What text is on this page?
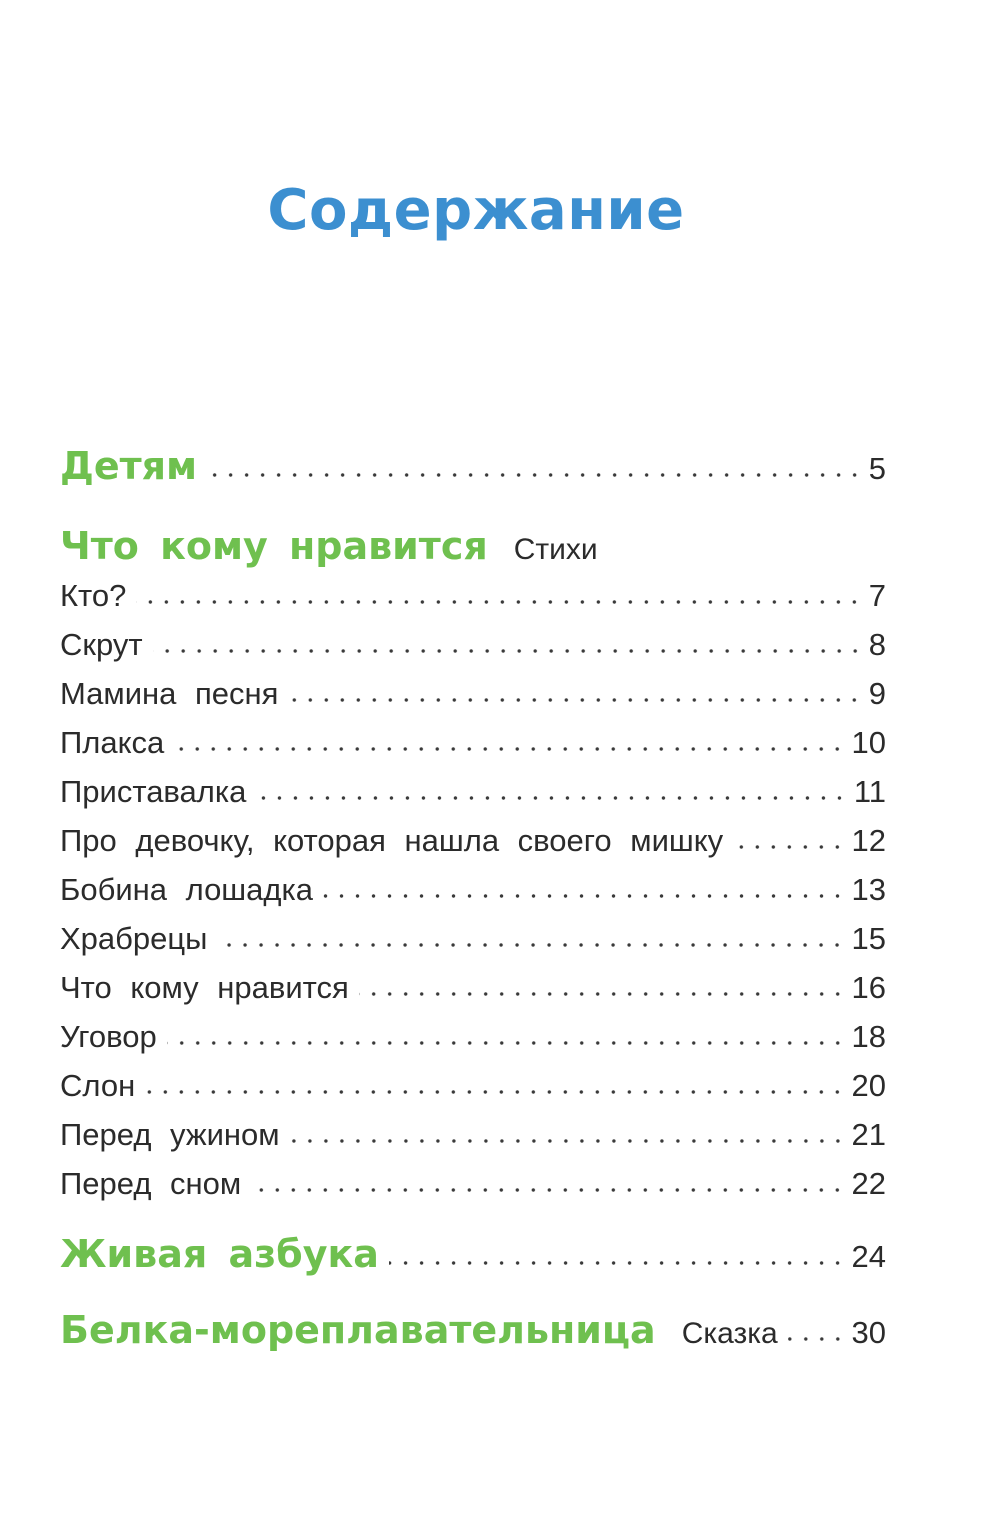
Содержание
Детям	5
Что кому нравится Стихи
Кто?	7
Скрут	8
Мамина песня	9
Плакса	10
Приставалка	11
Про девочку, которая нашла своего мишку	12
Бобина лошадка	13
Храбрецы	15
Что кому нравится	16
Уговор	18
Слон	20
Перед ужином	21
Перед сном	22
Живая азбука	24
Белка-мореплавательница Сказка 30
